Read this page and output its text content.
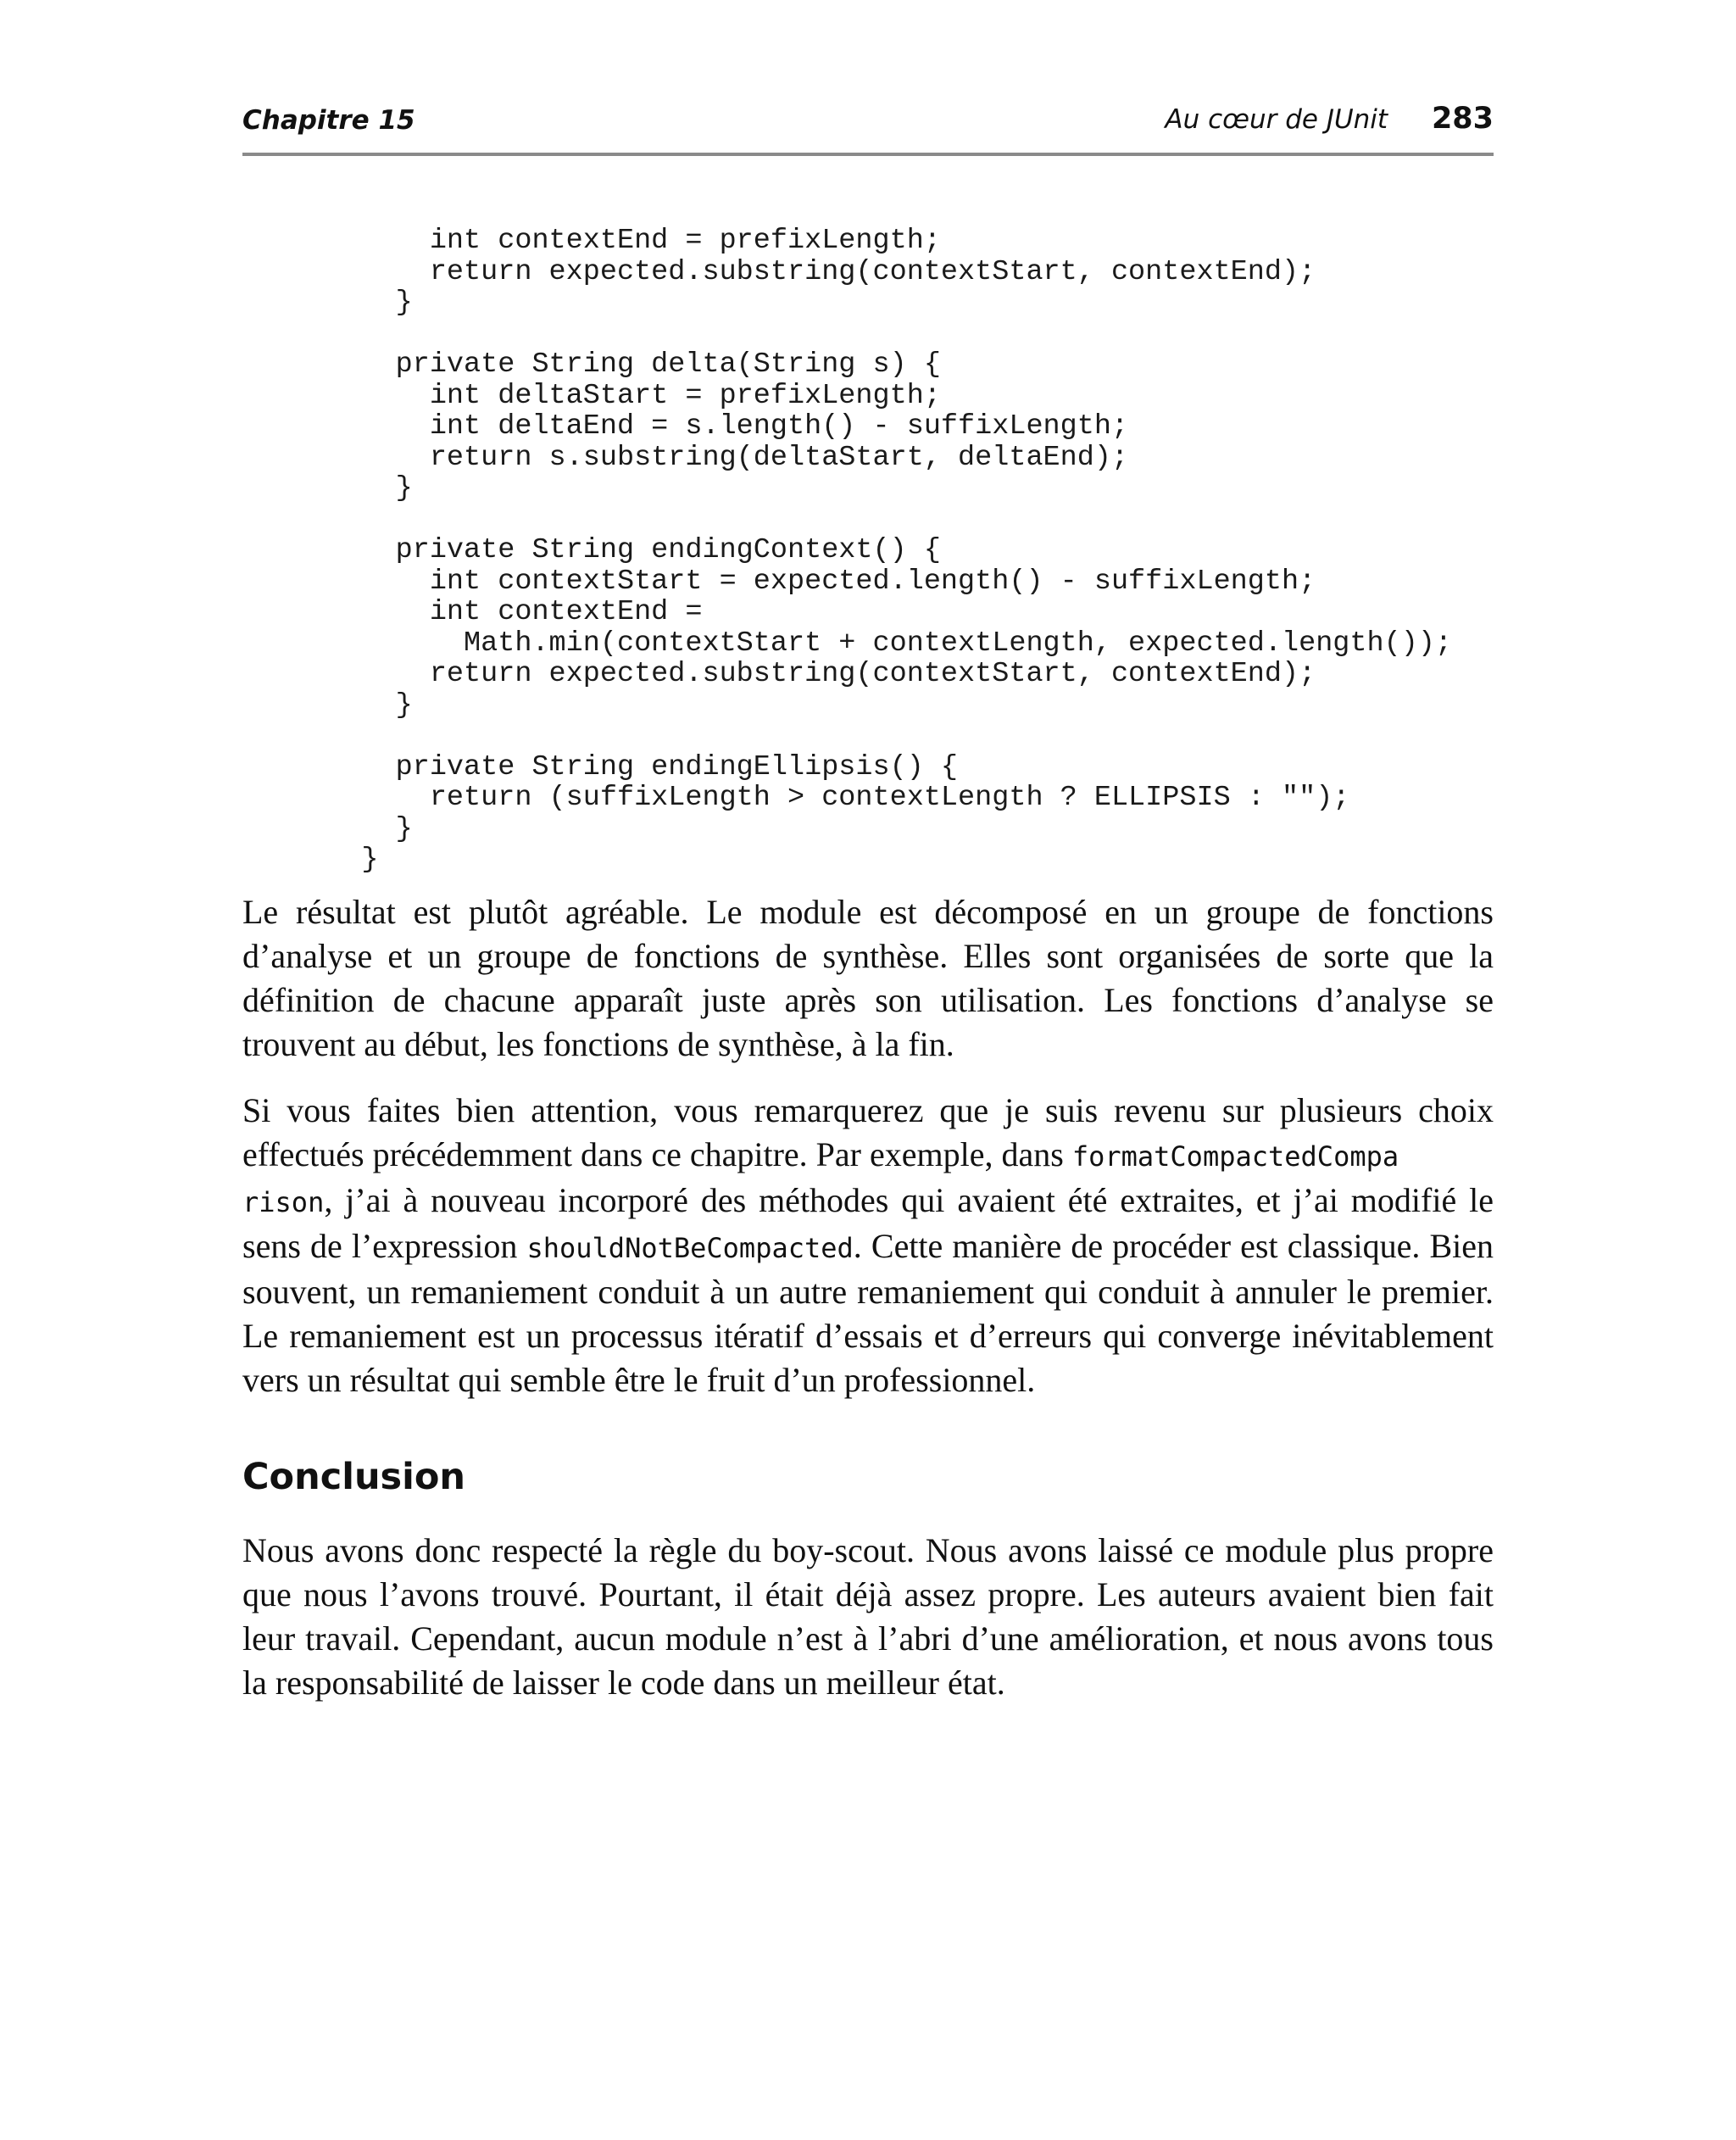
Chapitre 15	Au cœur de JUnit 283
int contextEnd = prefixLength;
return expected.substring(contextStart, contextEnd);
}

private String delta(String s) {
int deltaStart = prefixLength;
int deltaEnd = s.length() - suffixLength;
return s.substring(deltaStart, deltaEnd);
}

private String endingContext() {
int contextStart = expected.length() - suffixLength;
int contextEnd =
Math.min(contextStart + contextLength, expected.length());
return expected.substring(contextStart, contextEnd);
}

private String endingEllipsis() {
return (suffixLength > contextLength ? ELLIPSIS : "");
}
}

Le résultat est plutôt agréable. Le module est décomposé en un groupe de fonctions d’analyse et un groupe de fonctions de synthèse. Elles sont organisées de sorte que la définition de chacune apparaît juste après son utilisation. Les fonctions d’analyse se trouvent au début, les fonctions de synthèse, à la fin.

Si vous faites bien attention, vous remarquerez que je suis revenu sur plusieurs choix effectués précédemment dans ce chapitre. Par exemple, dans formatCompactedCompa
rison, j’ai à nouveau incorporé des méthodes qui avaient été extraites, et j’ai modifié le sens de l’expression shouldNotBeCompacted. Cette manière de procéder est classique. Bien souvent, un remaniement conduit à un autre remaniement qui conduit à annuler le premier. Le remaniement est un processus itératif d’essais et d’erreurs qui converge inévitablement vers un résultat qui semble être le fruit d’un professionnel.

Conclusion

Nous avons donc respecté la règle du boy-scout. Nous avons laissé ce module plus propre que nous l’avons trouvé. Pourtant, il était déjà assez propre. Les auteurs avaient bien fait leur travail. Cependant, aucun module n’est à l’abri d’une amélioration, et nous avons tous la responsabilité de laisser le code dans un meilleur état.
